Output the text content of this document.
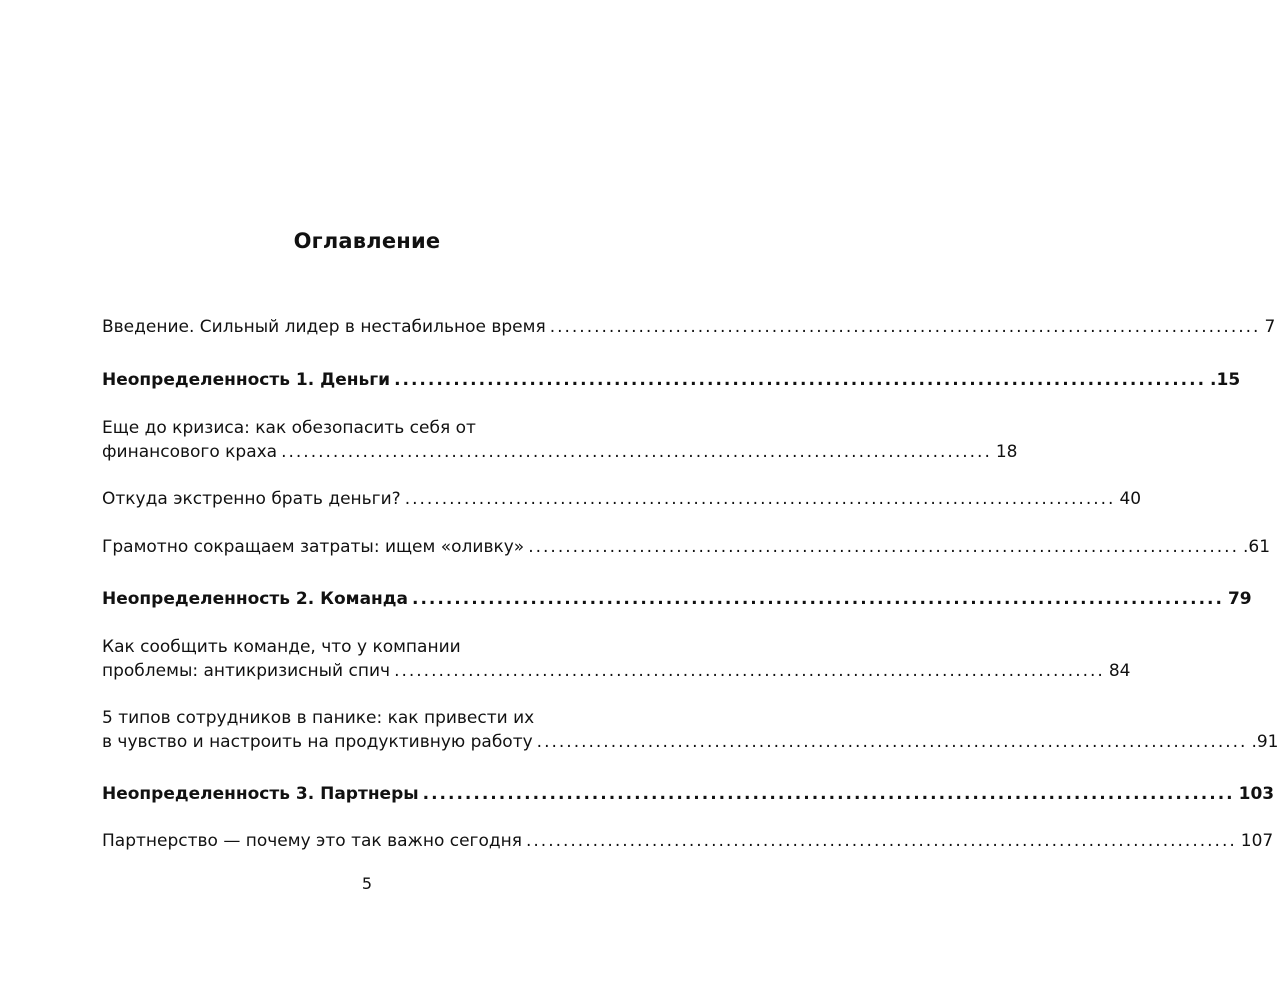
Оглавление
Введение. Сильный лидер в нестабильное время ................................................................................................ 7
Неопределенность 1. Деньги ................................................................................................ .15
Еще до кризиса: как обезопасить себя от
финансового краха ................................................................................................ 18
Откуда экстренно брать деньги? ................................................................................................ 40
Грамотно сокращаем затраты: ищем «оливку» ................................................................................................ .61
Неопределенность 2. Команда ................................................................................................ 79
Как сообщить команде, что у компании
проблемы: антикризисный спич ................................................................................................ 84
5 типов сотрудников в панике: как привести их
в чувство и настроить на продуктивную работу ................................................................................................ .91
Неопределенность 3. Партнеры ................................................................................................ 103
Партнерство — почему это так важно сегодня ................................................................................................ 107
5
